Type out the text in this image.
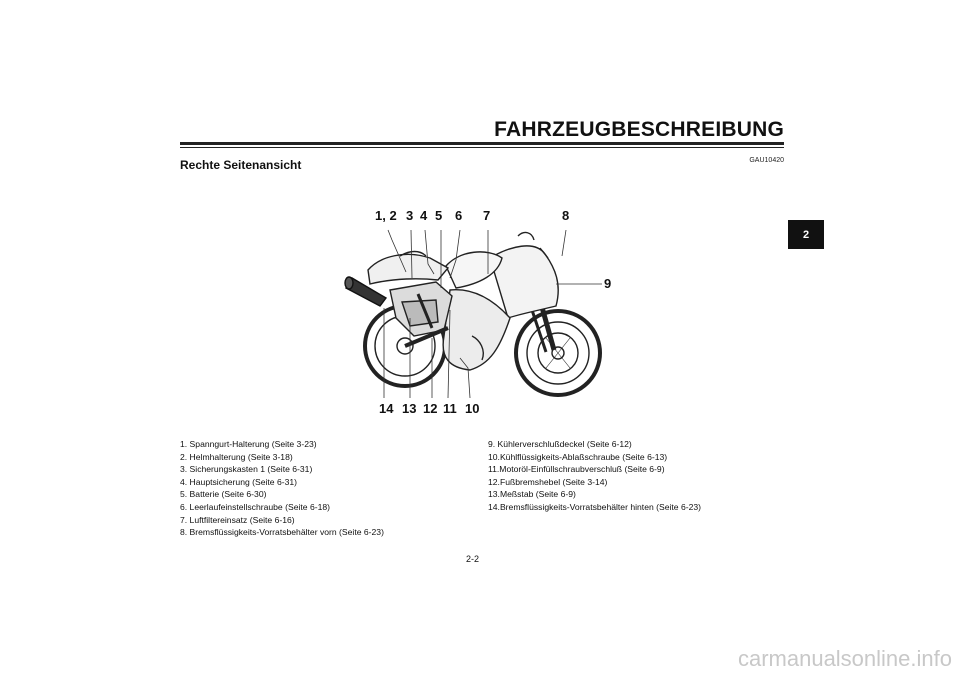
FAHRZEUGBESCHREIBUNG
GAU10420
Rechte Seitenansicht
2
1, 2 3 4 5 6 7	8
9
14 13 12 11 10
1. Spanngurt-Halterung (Seite 3-23)
2. Helmhalterung (Seite 3-18)
3. Sicherungskasten 1 (Seite 6-31)
4. Hauptsicherung (Seite 6-31)
5. Batterie (Seite 6-30)
6. Leerlaufeinstellschraube (Seite 6-18)
7. Luftfiltereinsatz (Seite 6-16)
8. Bremsflüssigkeits-Vorratsbehälter vorn (Seite 6-23)
9. Kühlerverschlußdeckel (Seite 6-12)
10.Kühlflüssigkeits-Ablaßschraube (Seite 6-13)
11.Motoröl-Einfüllschraubverschluß (Seite 6-9)
12.Fußbremshebel (Seite 3-14)
13.Meßstab (Seite 6-9)
14.Bremsflüssigkeits-Vorratsbehälter hinten (Seite 6-23)
2-2
carmanualsonline.info
